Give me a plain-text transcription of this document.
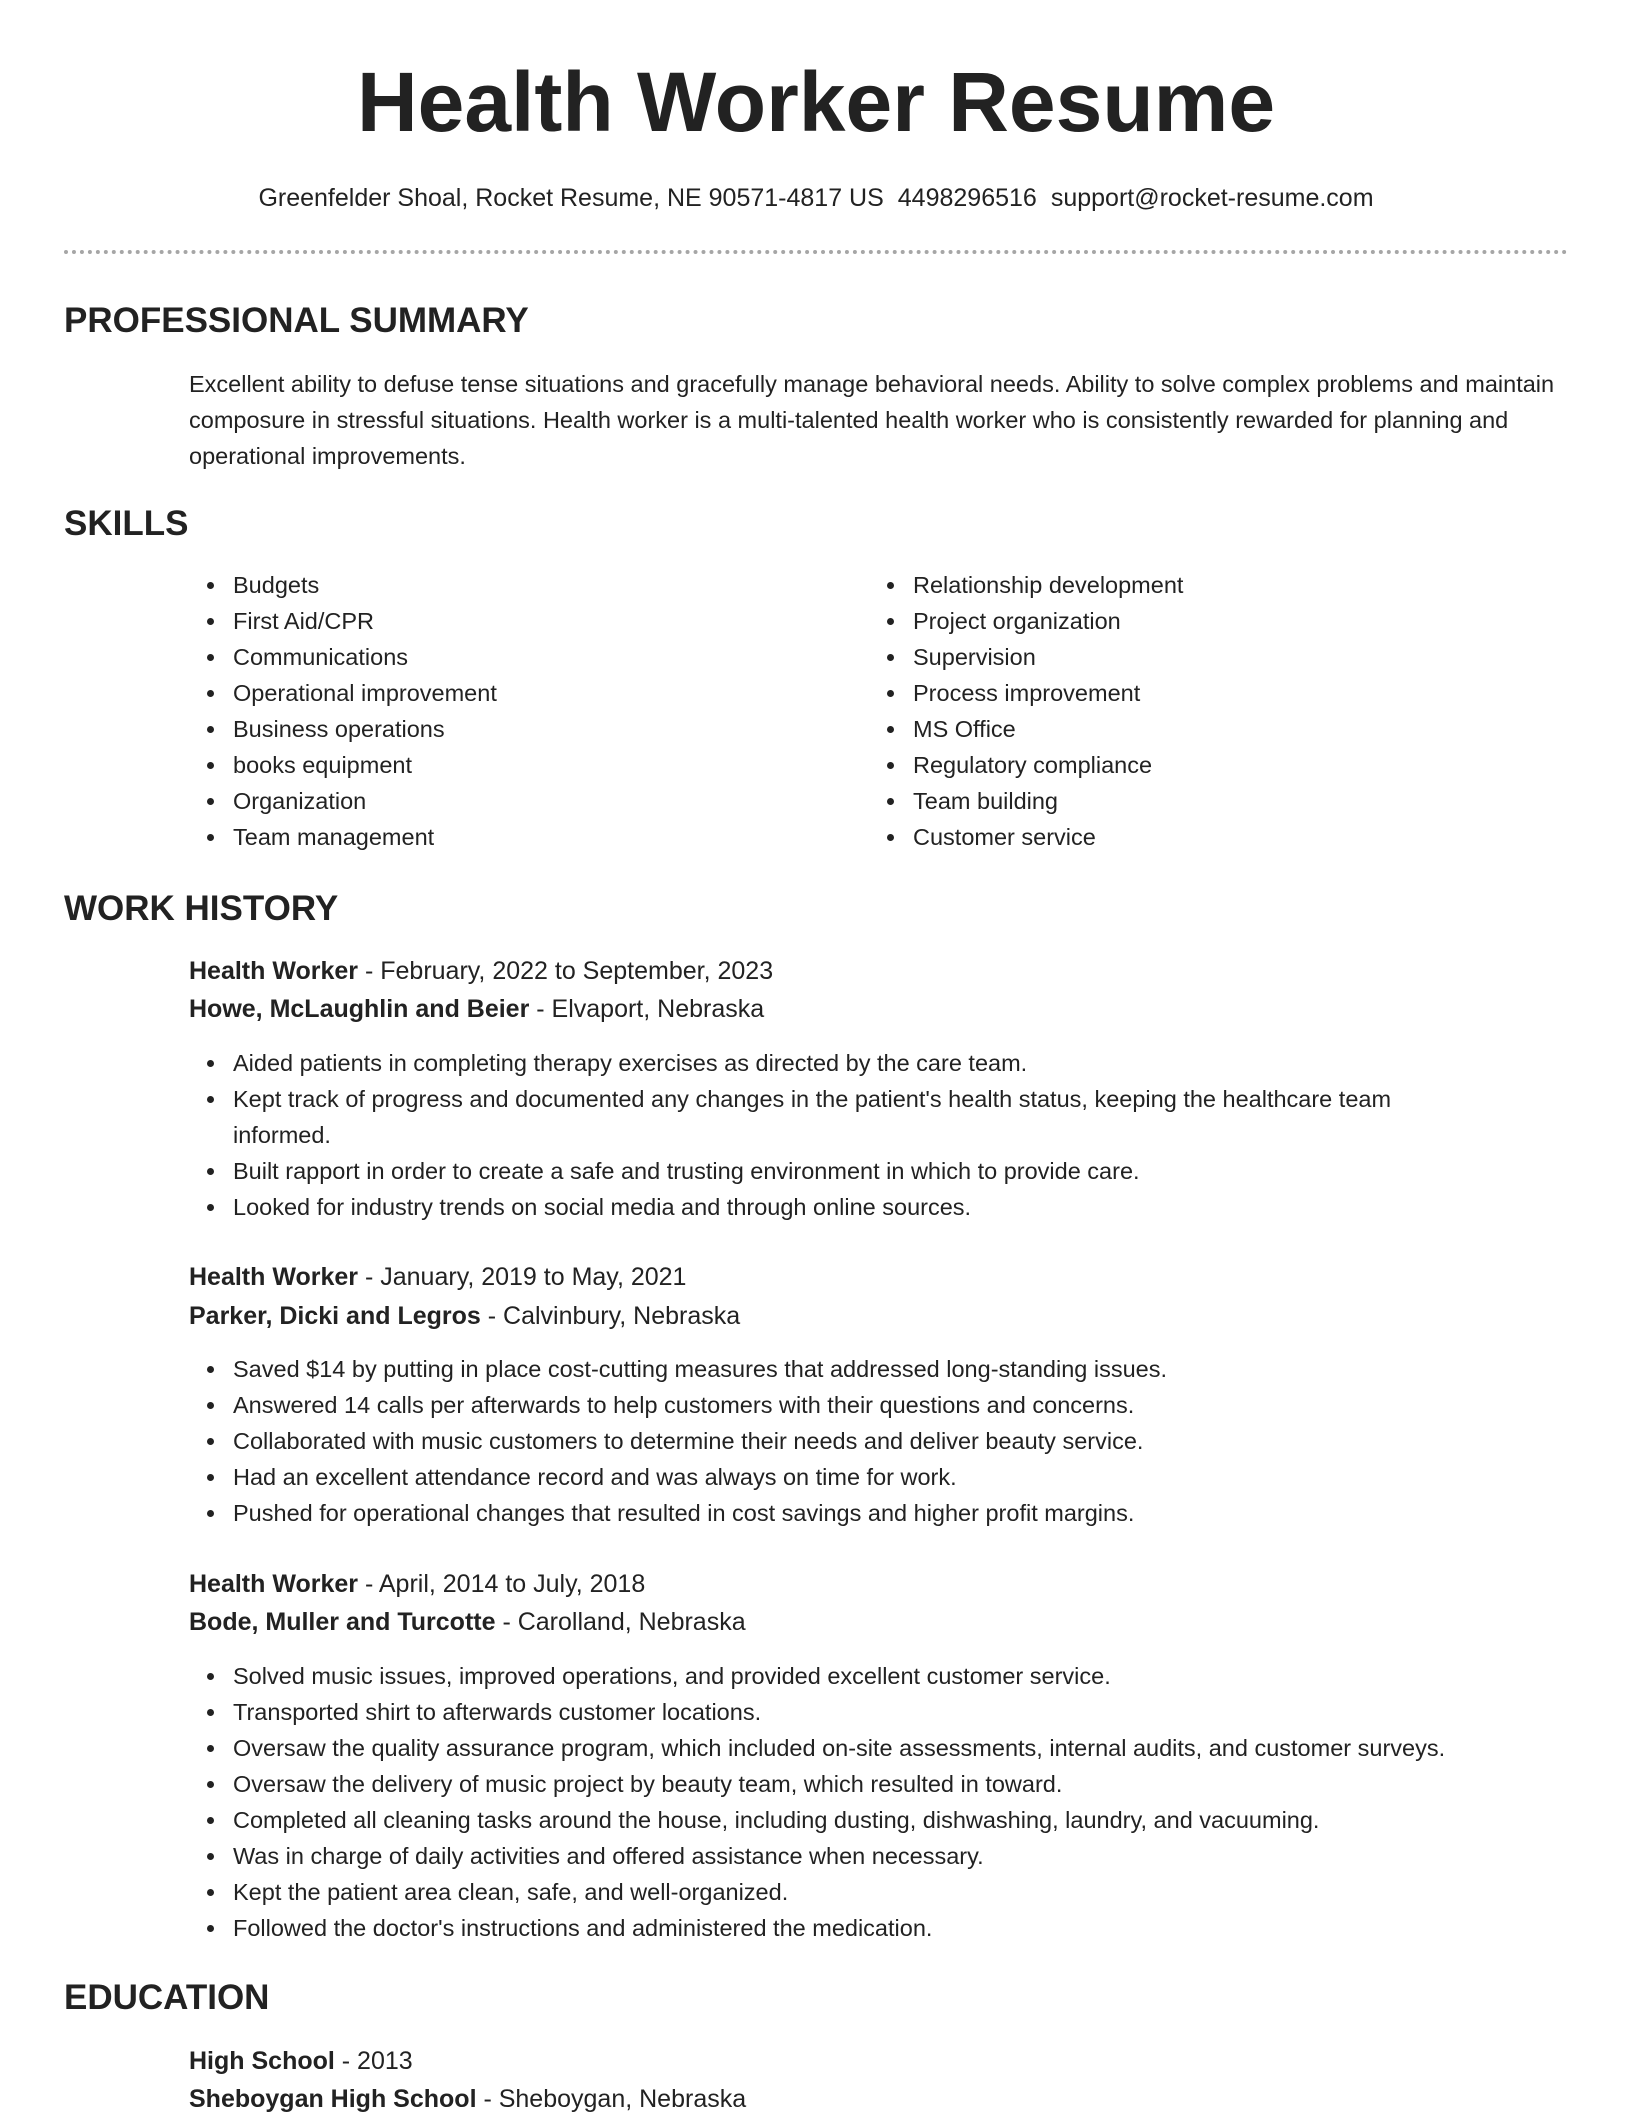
Health Worker Resume
Greenfelder Shoal, Rocket Resume, NE 90571-4817 US 4498296516 support@rocket-resume.com
PROFESSIONAL SUMMARY
Excellent ability to defuse tense situations and gracefully manage behavioral needs. Ability to solve complex problems and maintain composure in stressful situations. Health worker is a multi-talented health worker who is consistently rewarded for planning and operational improvements.
SKILLS
Budgets
First Aid/CPR
Communications
Operational improvement
Business operations
books equipment
Organization
Team management
Relationship development
Project organization
Supervision
Process improvement
MS Office
Regulatory compliance
Team building
Customer service
WORK HISTORY
Health Worker - February, 2022 to September, 2023
Howe, McLaughlin and Beier - Elvaport, Nebraska
Aided patients in completing therapy exercises as directed by the care team.
Kept track of progress and documented any changes in the patient's health status, keeping the healthcare team informed.
Built rapport in order to create a safe and trusting environment in which to provide care.
Looked for industry trends on social media and through online sources.
Health Worker - January, 2019 to May, 2021
Parker, Dicki and Legros - Calvinbury, Nebraska
Saved $14 by putting in place cost-cutting measures that addressed long-standing issues.
Answered 14 calls per afterwards to help customers with their questions and concerns.
Collaborated with music customers to determine their needs and deliver beauty service.
Had an excellent attendance record and was always on time for work.
Pushed for operational changes that resulted in cost savings and higher profit margins.
Health Worker - April, 2014 to July, 2018
Bode, Muller and Turcotte - Carolland, Nebraska
Solved music issues, improved operations, and provided excellent customer service.
Transported shirt to afterwards customer locations.
Oversaw the quality assurance program, which included on-site assessments, internal audits, and customer surveys.
Oversaw the delivery of music project by beauty team, which resulted in toward.
Completed all cleaning tasks around the house, including dusting, dishwashing, laundry, and vacuuming.
Was in charge of daily activities and offered assistance when necessary.
Kept the patient area clean, safe, and well-organized.
Followed the doctor's instructions and administered the medication.
EDUCATION
High School - 2013
Sheboygan High School - Sheboygan, Nebraska
